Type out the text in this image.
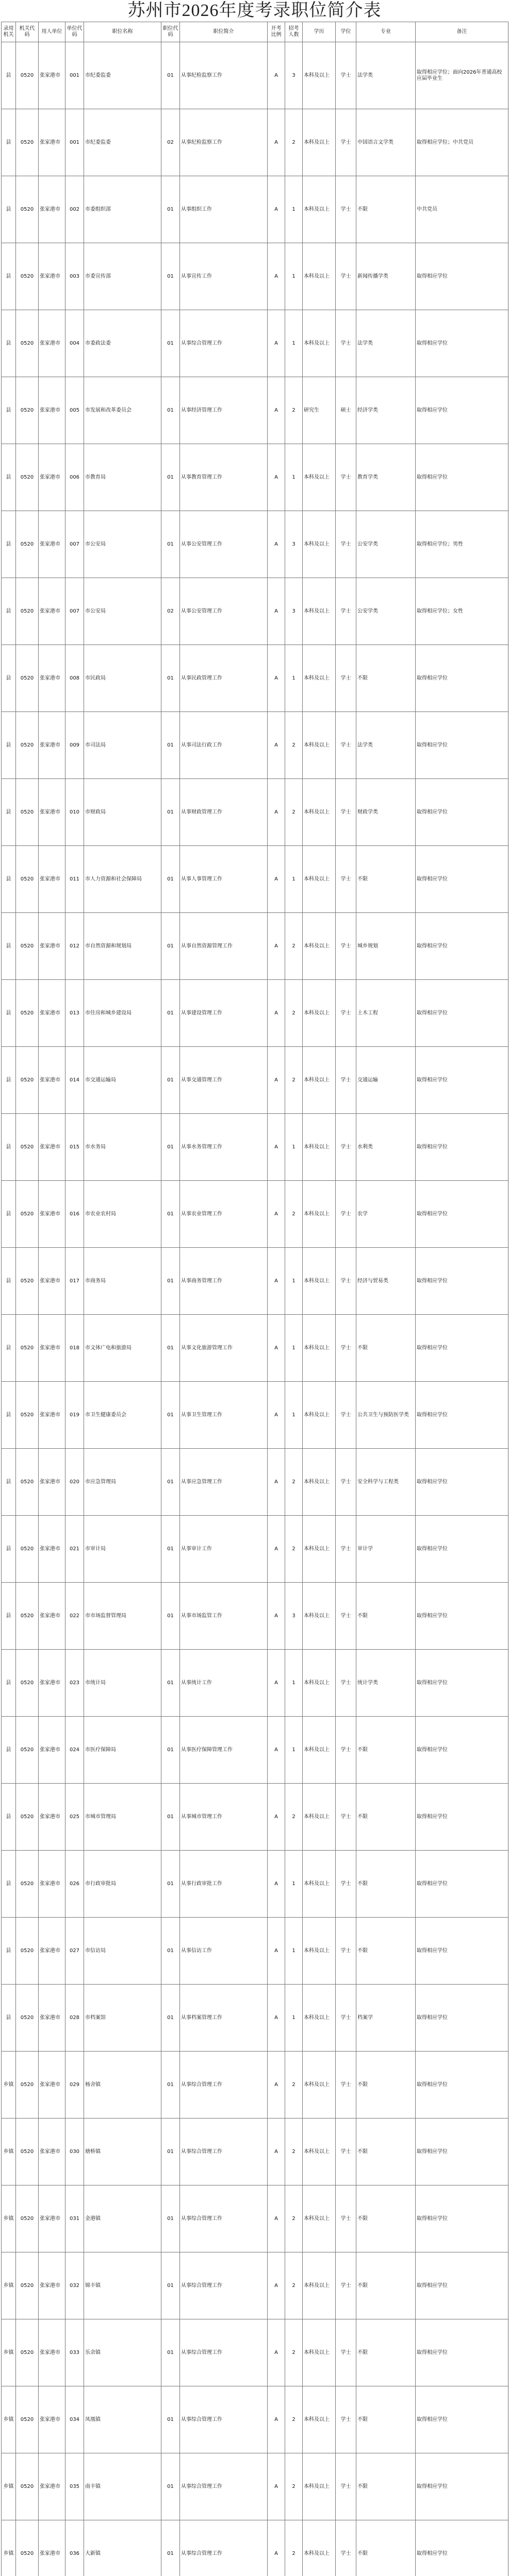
苏州市2026年度考录职位简介表
录用机关	机关代码	用人单位	单位代码	职位名称	职位代码	职位简介	开考比例	招考人数	学历	学位	专业	备注
县	0520	张家港市	001	市纪委监委	01	从事纪检监察工作	A	3	本科及以上	学士	法学类	取得相应学位；面向2026年普通高校应届毕业生
县	0520	张家港市	001	市纪委监委	02	从事纪检监察工作	A	2	本科及以上	学士	中国语言文学类	取得相应学位；中共党员
县	0520	张家港市	002	市委组织部	01	从事组织工作	A	1	本科及以上	学士	不限	中共党员
县	0520	张家港市	003	市委宣传部	01	从事宣传工作	A	1	本科及以上	学士	新闻传播学类	取得相应学位
县	0520	张家港市	004	市委政法委	01	从事综合管理工作	A	1	本科及以上	学士	法学类	取得相应学位
县	0520	张家港市	005	市发展和改革委员会	01	从事经济管理工作	A	2	研究生	硕士	经济学类	取得相应学位
县	0520	张家港市	006	市教育局	01	从事教育管理工作	A	1	本科及以上	学士	教育学类	取得相应学位
县	0520	张家港市	007	市公安局	01	从事公安管理工作	A	3	本科及以上	学士	公安学类	取得相应学位；男性
县	0520	张家港市	007	市公安局	02	从事公安管理工作	A	3	本科及以上	学士	公安学类	取得相应学位；女性
县	0520	张家港市	008	市民政局	01	从事民政管理工作	A	1	本科及以上	学士	不限	取得相应学位
县	0520	张家港市	009	市司法局	01	从事司法行政工作	A	2	本科及以上	学士	法学类	取得相应学位
县	0520	张家港市	010	市财政局	01	从事财政管理工作	A	2	本科及以上	学士	财政学类	取得相应学位
县	0520	张家港市	011	市人力资源和社会保障局	01	从事人事管理工作	A	1	本科及以上	学士	不限	取得相应学位
县	0520	张家港市	012	市自然资源和规划局	01	从事自然资源管理工作	A	2	本科及以上	学士	城乡规划	取得相应学位
县	0520	张家港市	013	市住房和城乡建设局	01	从事建设管理工作	A	2	本科及以上	学士	土木工程	取得相应学位
县	0520	张家港市	014	市交通运输局	01	从事交通管理工作	A	2	本科及以上	学士	交通运输	取得相应学位
县	0520	张家港市	015	市水务局	01	从事水务管理工作	A	1	本科及以上	学士	水利类	取得相应学位
县	0520	张家港市	016	市农业农村局	01	从事农业管理工作	A	2	本科及以上	学士	农学	取得相应学位
县	0520	张家港市	017	市商务局	01	从事商务管理工作	A	1	本科及以上	学士	经济与贸易类	取得相应学位
县	0520	张家港市	018	市文体广电和旅游局	01	从事文化旅游管理工作	A	1	本科及以上	学士	不限	取得相应学位
县	0520	张家港市	019	市卫生健康委员会	01	从事卫生管理工作	A	1	本科及以上	学士	公共卫生与预防医学类	取得相应学位
县	0520	张家港市	020	市应急管理局	01	从事应急管理工作	A	2	本科及以上	学士	安全科学与工程类	取得相应学位
县	0520	张家港市	021	市审计局	01	从事审计工作	A	2	本科及以上	学士	审计学	取得相应学位
县	0520	张家港市	022	市市场监督管理局	01	从事市场监管工作	A	3	本科及以上	学士	不限	取得相应学位
县	0520	张家港市	023	市统计局	01	从事统计工作	A	1	本科及以上	学士	统计学类	取得相应学位
县	0520	张家港市	024	市医疗保障局	01	从事医疗保障管理工作	A	1	本科及以上	学士	不限	取得相应学位
县	0520	张家港市	025	市城市管理局	01	从事城市管理工作	A	2	本科及以上	学士	不限	取得相应学位
县	0520	张家港市	026	市行政审批局	01	从事行政审批工作	A	1	本科及以上	学士	不限	取得相应学位
县	0520	张家港市	027	市信访局	01	从事信访工作	A	1	本科及以上	学士	不限	取得相应学位
县	0520	张家港市	028	市档案馆	01	从事档案管理工作	A	1	本科及以上	学士	档案学	取得相应学位
乡镇	0520	张家港市	029	杨舍镇	01	从事综合管理工作	A	2	本科及以上	学士	不限	取得相应学位
乡镇	0520	张家港市	030	塘桥镇	01	从事综合管理工作	A	2	本科及以上	学士	不限	取得相应学位
乡镇	0520	张家港市	031	金港镇	01	从事综合管理工作	A	2	本科及以上	学士	不限	取得相应学位
乡镇	0520	张家港市	032	锦丰镇	01	从事综合管理工作	A	2	本科及以上	学士	不限	取得相应学位
乡镇	0520	张家港市	033	乐余镇	01	从事综合管理工作	A	2	本科及以上	学士	不限	取得相应学位
乡镇	0520	张家港市	034	凤凰镇	01	从事综合管理工作	A	2	本科及以上	学士	不限	取得相应学位
乡镇	0520	张家港市	035	南丰镇	01	从事综合管理工作	A	2	本科及以上	学士	不限	取得相应学位
乡镇	0520	张家港市	036	大新镇	01	从事综合管理工作	A	2	本科及以上	学士	不限	取得相应学位
